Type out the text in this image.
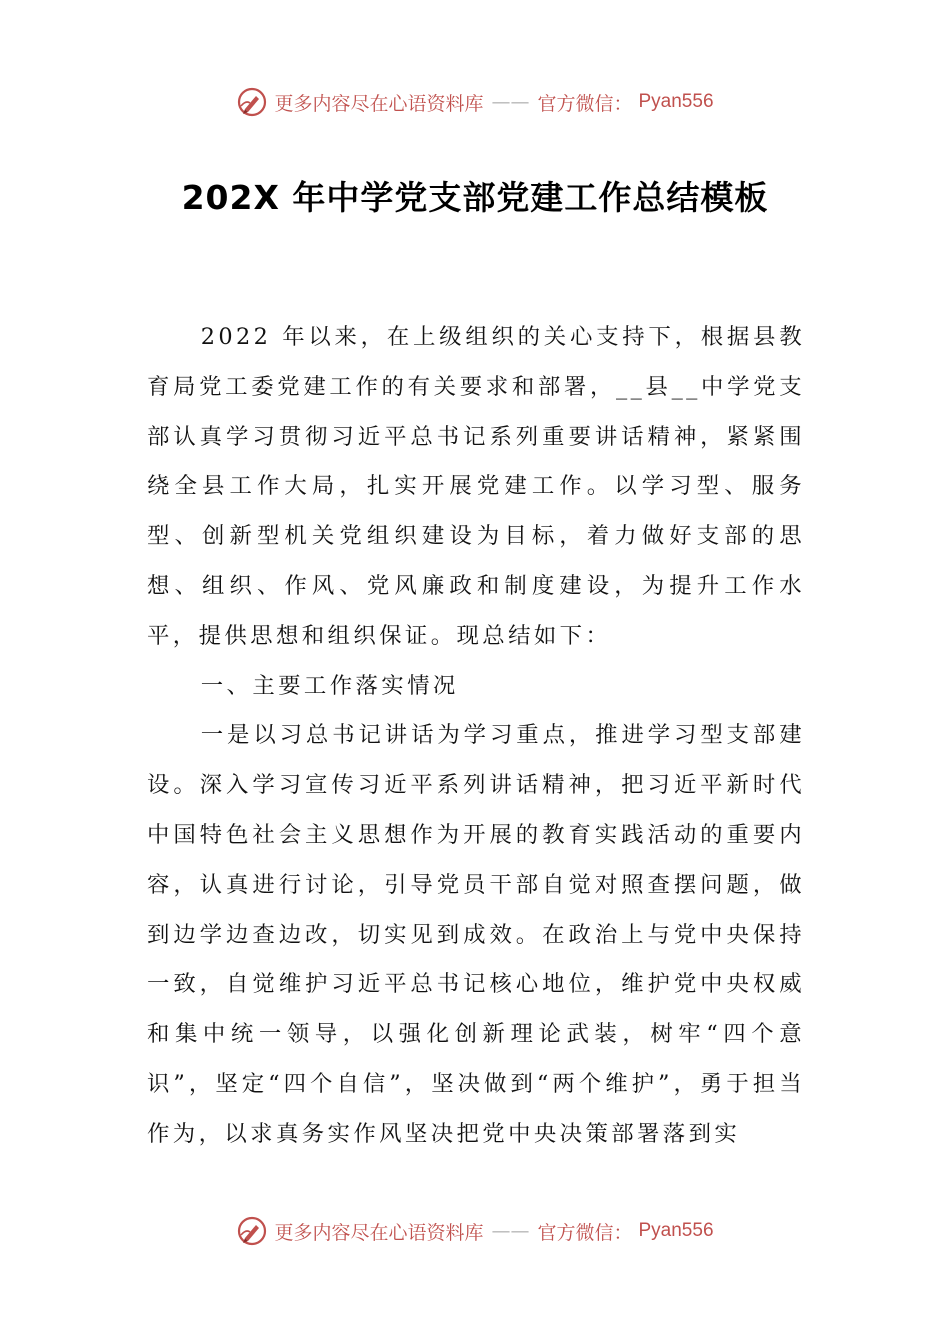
更多内容尽在心语资料库 —— 官方微信： Pyan556
202X 年中学党支部党建工作总结模板

2022 年以来，在上级组织的关心支持下，根据县教育局党工委党建工作的有关要求和部署，__县__中学党支部认真学习贯彻习近平总书记系列重要讲话精神，紧紧围绕全县工作大局，扎实开展党建工作。以学习型、服务型、创新型机关党组织建设为目标，着力做好支部的思想、组织、作风、党风廉政和制度建设，为提升工作水平，提供思想和组织保证。现总结如下：

一、主要工作落实情况

一是以习总书记讲话为学习重点，推进学习型支部建设。深入学习宣传习近平系列讲话精神，把习近平新时代中国特色社会主义思想作为开展的教育实践活动的重要内容，认真进行讨论，引导党员干部自觉对照查摆问题，做到边学边查边改，切实见到成效。在政治上与党中央保持一致，自觉维护习近平总书记核心地位，维护党中央权威和集中统一领导，以强化创新理论武装，树牢“四个意识”，坚定“四个自信”，坚决做到“两个维护”，勇于担当作为，以求真务实作风坚决把党中央决策部署落到实

更多内容尽在心语资料库 —— 官方微信： Pyan556
